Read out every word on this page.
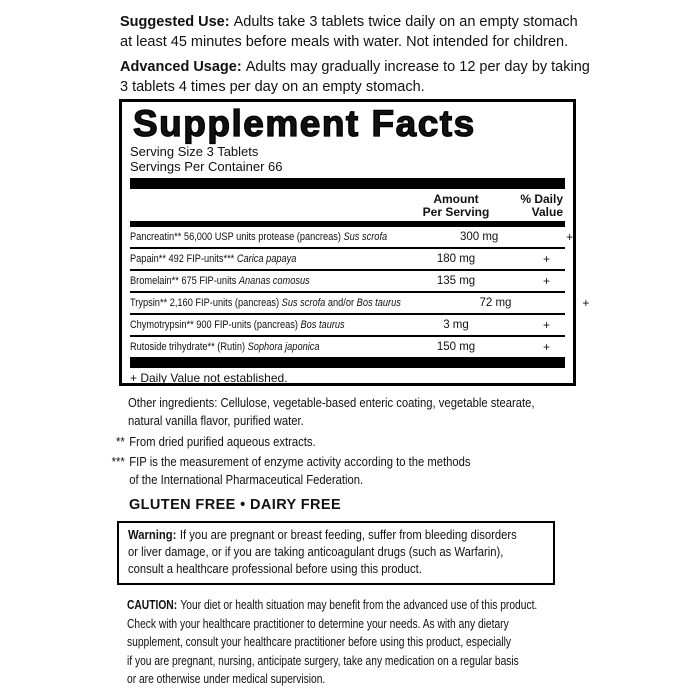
Suggested Use: Adults take 3 tablets twice daily on an empty stomach
at least 45 minutes before meals with water. Not intended for children.
Advanced Usage: Adults may gradually increase to 12 per day by taking
3 tablets 4 times per day on an empty stomach.
Supplement Facts
Serving Size 3 Tablets
Servings Per Container 66
Amount
Per Serving
% Daily
Value
Pancreatin** 56,000 USP units protease (pancreas) Sus scrofa	300 mg	+
Papain** 492 FIP-units*** Carica papaya	180 mg	+
Bromelain** 675 FIP-units Ananas comosus	135 mg	+
Trypsin** 2,160 FIP-units (pancreas) Sus scrofa and/or Bos taurus	72 mg	+
Chymotrypsin** 900 FIP-units (pancreas) Bos taurus	3 mg	+
Rutoside trihydrate** (Rutin) Sophora japonica	150 mg	+
+ Daily Value not established.
Other ingredients: Cellulose, vegetable-based enteric coating, vegetable stearate,
natural vanilla flavor, purified water.
** From dried purified aqueous extracts.
*** FIP is the measurement of enzyme activity according to the methods
of the International Pharmaceutical Federation.
GLUTEN FREE • DAIRY FREE
Warning: If you are pregnant or breast feeding, suffer from bleeding disorders
or liver damage, or if you are taking anticoagulant drugs (such as Warfarin),
consult a healthcare professional before using this product.
CAUTION: Your diet or health situation may benefit from the advanced use of this product.
Check with your healthcare practitioner to determine your needs. As with any dietary
supplement, consult your healthcare practitioner before using this product, especially
if you are pregnant, nursing, anticipate surgery, take any medication on a regular basis
or are otherwise under medical supervision.
